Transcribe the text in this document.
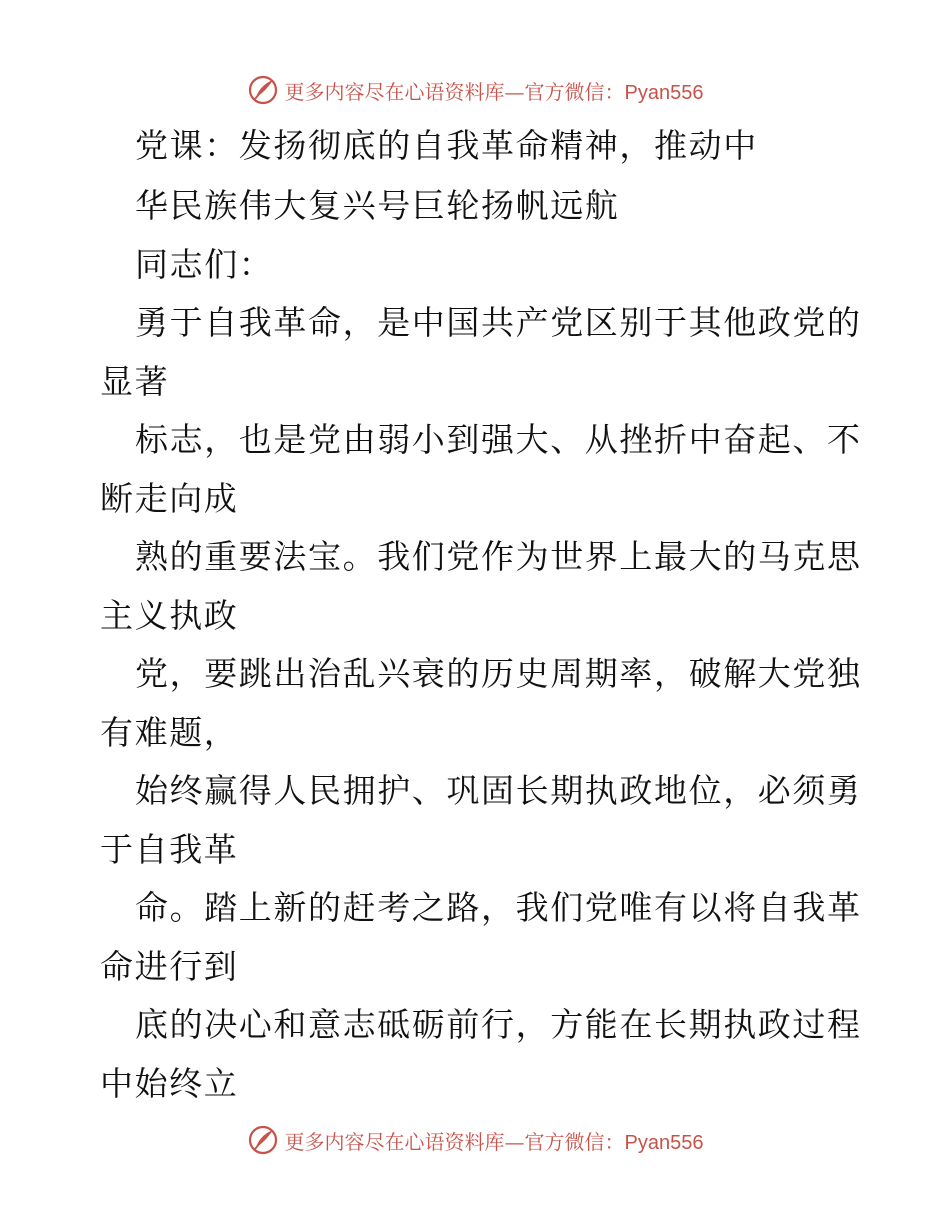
更多内容尽在心语资料库—官方微信：Pyan556
党课：发扬彻底的自我革命精神，推动中
华民族伟大复兴号巨轮扬帆远航
同志们：
勇于自我革命，是中国共产党区别于其他政党的
显著
标志，也是党由弱小到强大、从挫折中奋起、不
断走向成
熟的重要法宝。我们党作为世界上最大的马克思
主义执政
党，要跳出治乱兴衰的历史周期率，破解大党独
有难题，
始终赢得人民拥护、巩固长期执政地位，必须勇
于自我革
命。踏上新的赶考之路，我们党唯有以将自我革
命进行到
底的决心和意志砥砺前行，方能在长期执政过程
中始终立
更多内容尽在心语资料库—官方微信：Pyan556
